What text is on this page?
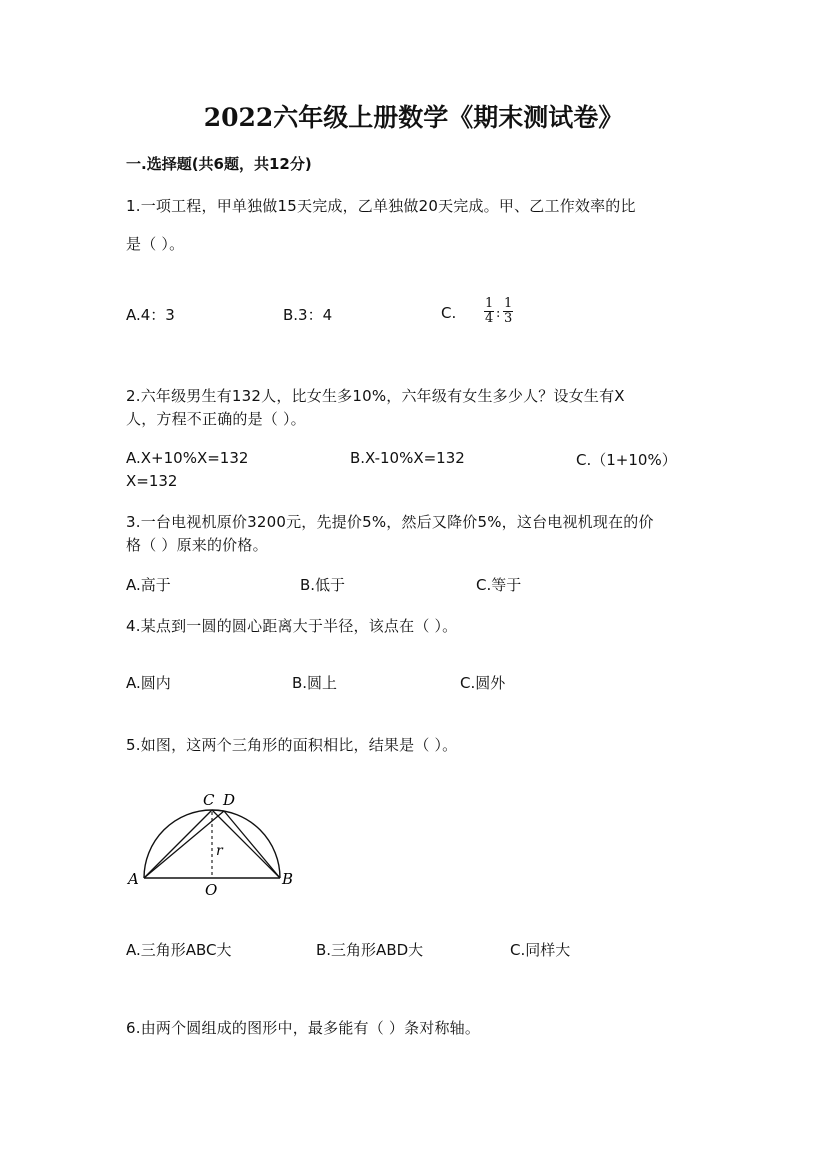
2022六年级上册数学《期末测试卷》
一.选择题(共6题，共12分)
1.一项工程，甲单独做15天完成，乙单独做20天完成。甲、乙工作效率的比
是（ ）。
A.4：3	B.3：4	C. $\frac{1}{4}$ : $\frac{1}{3}$
2.六年级男生有132人，比女生多10%，六年级有女生多少人？设女生有X
人，方程不正确的是（ ）。
A.X+10%X=132	B.X-10%X=132	C.（1+10%）
X=132
3.一台电视机原价3200元，先提价5%，然后又降价5%，这台电视机现在的价
格（ ）原来的价格。
A.高于	B.低于	C.等于
4.某点到一圆的圆心距离大于半径，该点在（ ）。
A.圆内	B.圆上	C.圆外
5.如图，这两个三角形的面积相比，结果是（ ）。
A	B
C D
O
r
A.三角形ABC大	B.三角形ABD大	C.同样大
6.由两个圆组成的图形中，最多能有（ ）条对称轴。
